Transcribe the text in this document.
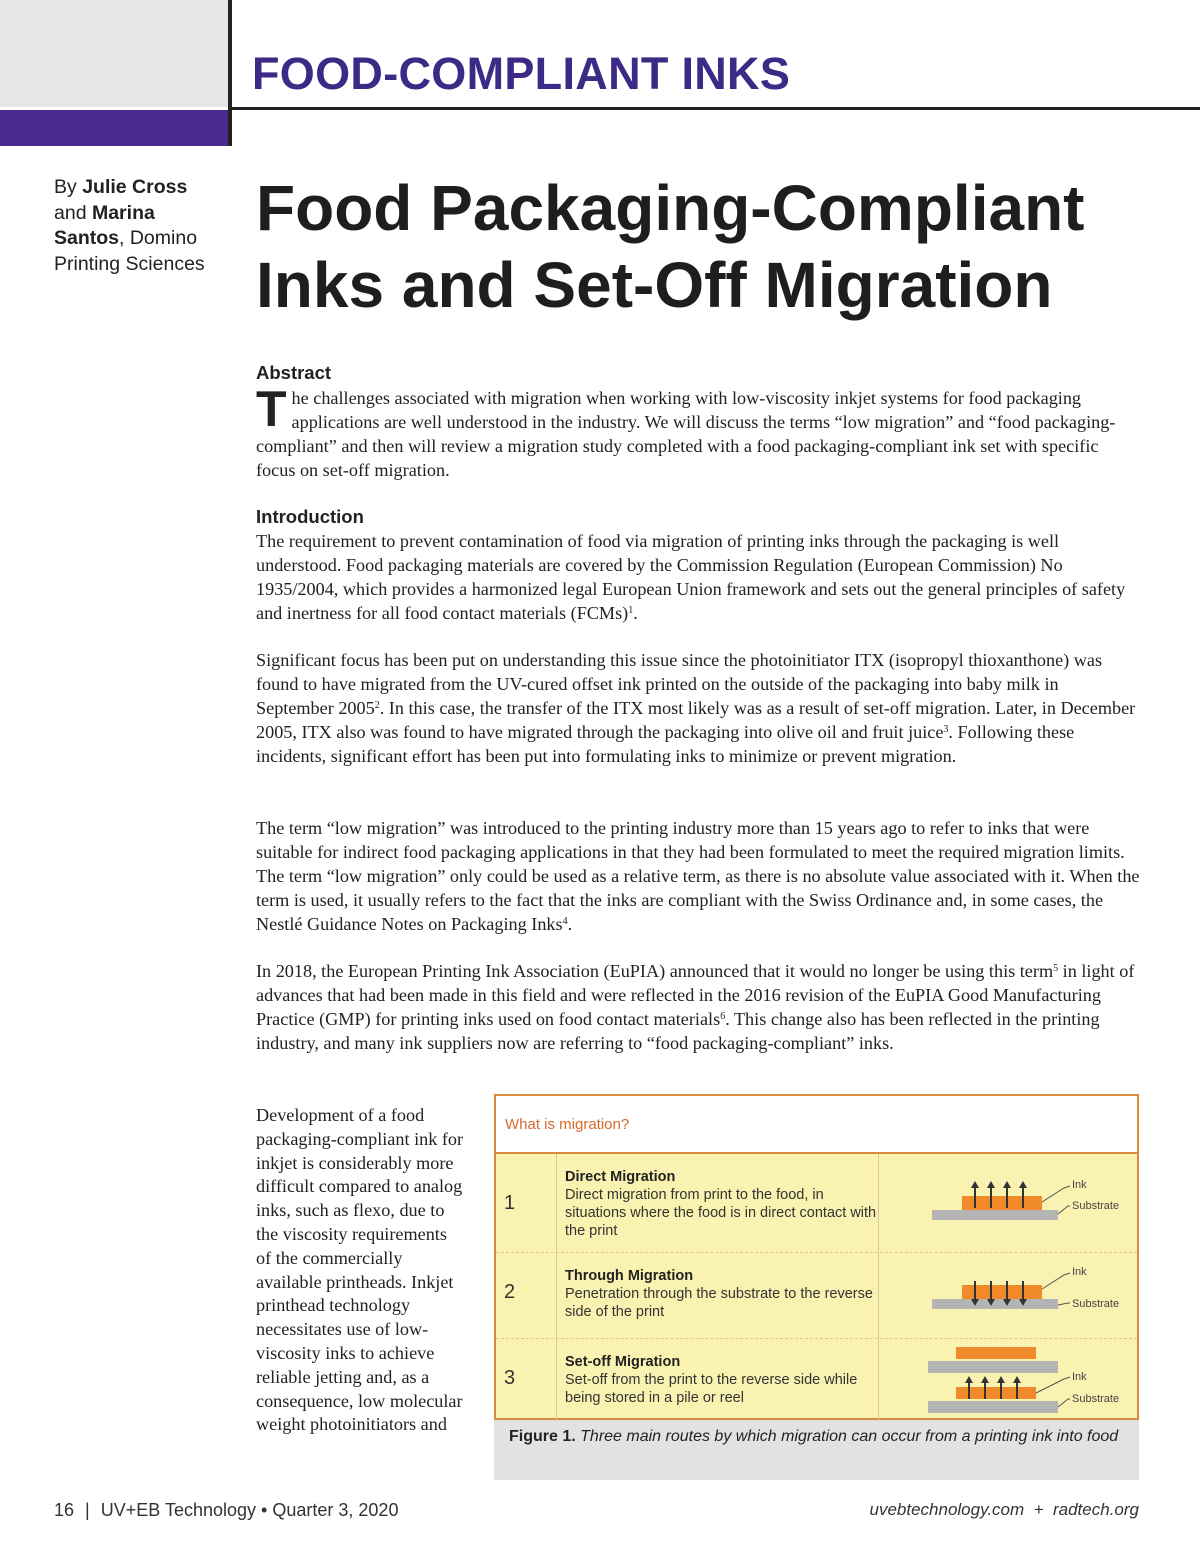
FOOD-COMPLIANT INKS
By Julie Cross and Marina Santos, Domino Printing Sciences
Food Packaging-Compliant Inks and Set-Off Migration
Abstract
The challenges associated with migration when working with low-viscosity inkjet systems for food packaging applications are well understood in the industry. We will discuss the terms “low migration” and “food packaging-compliant” and then will review a migration study completed with a food packaging-compliant ink set with specific focus on set-off migration.
Introduction

The requirement to prevent contamination of food via migration of printing inks through the packaging is well understood. Food packaging materials are covered by the Commission Regulation (European Commission) No 1935/2004, which provides a harmonized legal European Union framework and sets out the general principles of safety and inertness for all food contact materials (FCMs)$^1$.

Significant focus has been put on understanding this issue since the photoinitiator ITX (isopropyl thioxanthone) was found to have migrated from the UV-cured offset ink printed on the outside of the packaging into baby milk in September 2005$^2$. In this case, the transfer of the ITX most likely was as a result of set-off migration. Later, in December 2005, ITX also was found to have migrated through the packaging into olive oil and fruit juice$^3$. Following these incidents, significant effort has been put into formulating inks to minimize or prevent migration.

The term “low migration” was introduced to the printing industry more than 15 years ago to refer to inks that were suitable for indirect food packaging applications in that they had been formulated to meet the required migration limits. The term “low migration” only could be used as a relative term, as there is no absolute value associated with it. When the term is used, it usually refers to the fact that the inks are compliant with the Swiss Ordinance and, in some cases, the Nestlé Guidance Notes on Packaging Inks$^4$.

In 2018, the European Printing Ink Association (EuPIA) announced that it would no longer be using this term$^5$ in light of advances that had been made in this field and were reflected in the 2016 revision of the EuPIA Good Manufacturing Practice (GMP) for printing inks used on food contact materials$^6$. This change also has been reflected in the printing industry, and many ink suppliers now are referring to “food packaging-compliant” inks.

Development of a food packaging-compliant ink for inkjet is considerably more difficult compared to analog inks, such as flexo, due to the viscosity requirements of the commercially available printheads. Inkjet printhead technology necessitates use of low-viscosity inks to achieve reliable jetting and, as a consequence, low molecular weight photoinitiators and

What is migration?
1
Direct Migration
Direct migration from print to the food, in situations where the food is in direct contact with the print
Ink
Substrate
2
Through Migration
Penetration through the substrate to the reverse side of the print
Ink
Substrate
3
Set-off Migration
Set-off from the print to the reverse side while being stored in a pile or reel
Ink
Substrate
Figure 1. Three main routes by which migration can occur from a printing ink into food
16 | UV+EB Technology • Quarter 3, 2020	uvebtechnology.com  +  radtech.org
